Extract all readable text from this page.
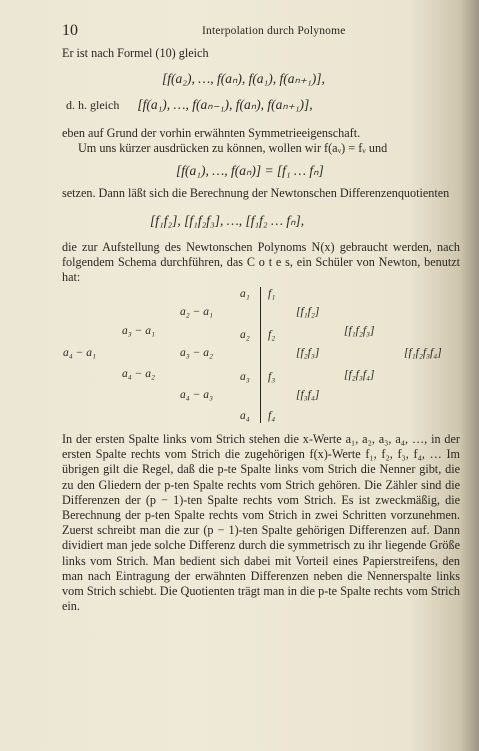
10	Interpolation durch Polynome
Er ist nach Formel (10) gleich
[f(a₂), …, f(aₙ), f(a₁), f(aₙ₊₁)],
d. h. gleich [f(a₁), …, f(aₙ₋₁), f(aₙ), f(aₙ₊₁)],
eben auf Grund der vorhin erwähnten Symmetrieeigenschaft.
Um uns kürzer ausdrücken zu können, wollen wir f(aᵥ) = fᵥ und
[f(a₁), …, f(aₙ)] = [f₁ … fₙ]
setzen. Dann läßt sich die Berechnung der Newtonschen Differenzenquotienten
[f₁f₂], [f₁f₂f₃], …, [f₁f₂ … fₙ],
die zur Aufstellung des Newtonschen Polynoms N(x) gebraucht werden, nach folgendem Schema durchführen, das C o t e s, ein Schüler von Newton, benutzt hat:
a₁ f₁
a₂ − a₁	[f₁f₂]
a₃ − a₁	a₂ f₂	[f₁f₂f₃]
a₄ − a₁	a₃ − a₂	[f₂f₃]	[f₁f₂f₃f₄]
a₄ − a₂	a₃ f₃	[f₂f₃f₄]
a₄ − a₃	[f₃f₄]
a₄ f₄
In der ersten Spalte links vom Strich stehen die x-Werte a₁, a₂, a₃, a₄, …, in der ersten Spalte rechts vom Strich die zugehörigen f(x)-Werte f₁, f₂, f₃, f₄, … Im übrigen gilt die Regel, daß die p-te Spalte links vom Strich die Nenner gibt, die zu den Gliedern der p-ten Spalte rechts vom Strich gehören. Die Zähler sind die Differenzen der (p − 1)-ten Spalte rechts vom Strich. Es ist zweckmäßig, die Berechnung der p-ten Spalte rechts vom Strich in zwei Schritten vorzunehmen. Zuerst schreibt man die zur (p − 1)-ten Spalte gehörigen Differenzen auf. Dann dividiert man jede solche Differenz durch die symmetrisch zu ihr liegende Größe links vom Strich. Man bedient sich dabei mit Vorteil eines Papierstreifens, den man nach Eintragung der erwähnten Differenzen neben die Nennerspalte links vom Strich schiebt. Die Quotienten trägt man in die p-te Spalte rechts vom Strich ein.
